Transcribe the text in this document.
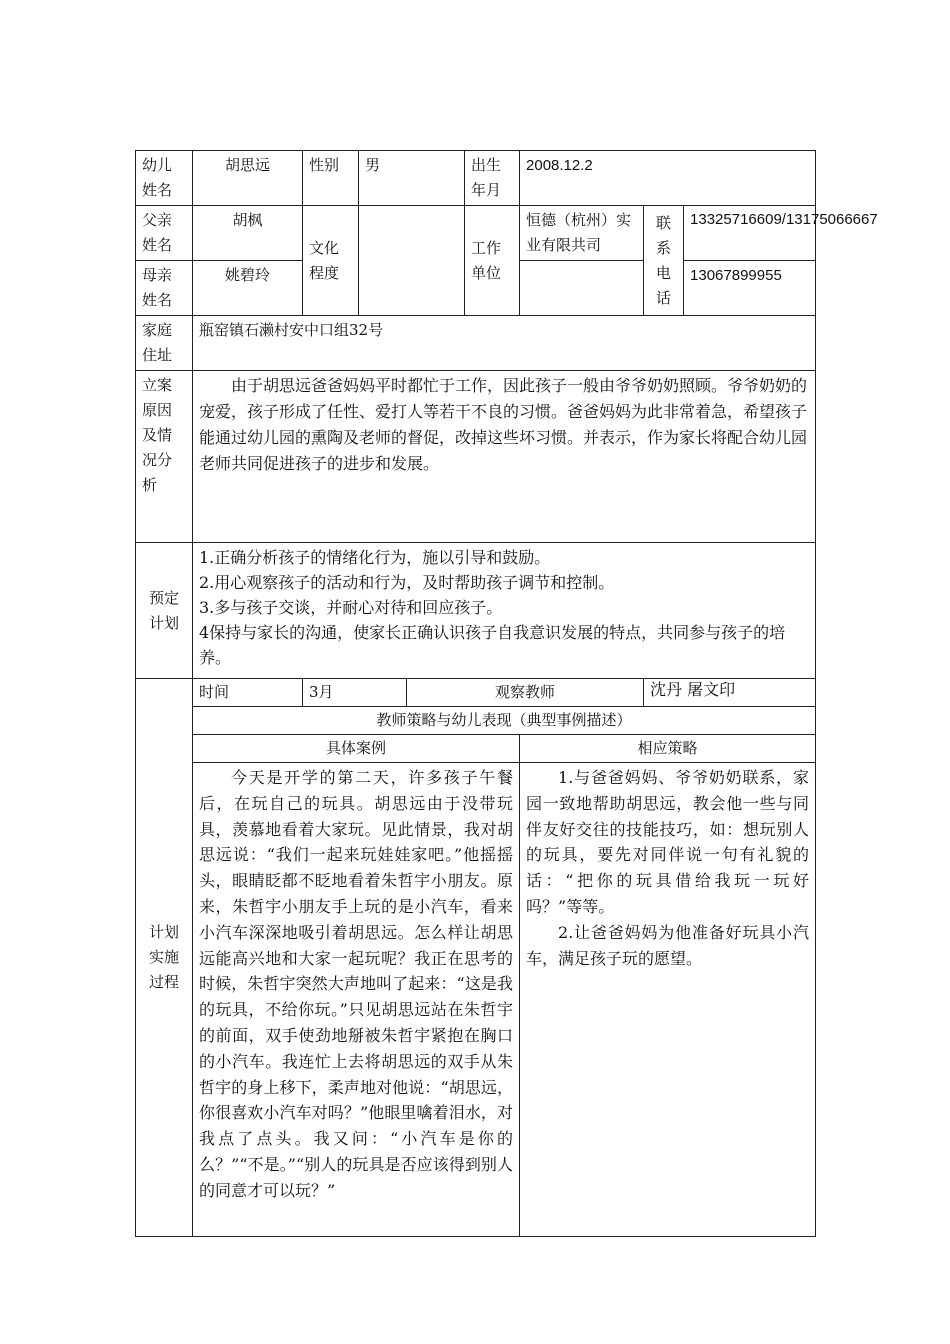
幼儿姓名	胡思远	性别	男		出生年月	2008.12.2		
父亲姓名	胡枫	文化程度			工作单位	恒德（杭州）实业有限共司	联系电话	13325716609/13175066667
母亲姓名	姚碧玲							13067899955
家庭住址	瓶窑镇石濑村安中口组32号							
立案原因及情况分析	由于胡思远爸爸妈妈平时都忙于工作，因此孩子一般由爷爷奶奶照顾。爷爷奶奶的宠爱，孩子形成了任性、爱打人等若干不良的习惯。爸爸妈妈为此非常着急，希望孩子能通过幼儿园的熏陶及老师的督促，改掉这些坏习惯。并表示，作为家长将配合幼儿园老师共同促进孩子的进步和发展。							

预定计划	1.正确分析孩子的情绪化行为，施以引导和鼓励。

2.用心观察孩子的活动和行为，及时帮助孩子调节和控制。

3.多与孩子交谈，并耐心对待和回应孩子。

4保持与家长的沟通，使家长正确认识孩子自我意识发展的特点，共同参与孩子的培养。							

计划实施过程	时间	3月		观察教师			沈丹 屠文印	
	教师策略与幼儿表现（典型事例描述）							
	具体案例					相应策略		

	今天是开学的第二天，许多孩子午餐后，在玩自己的玩具。胡思远由于没带玩具，羡慕地看着大家玩。见此情景，我对胡思远说：“我们一起来玩娃娃家吧。”他摇摇头，眼睛眨都不眨地看着朱哲宇小朋友。原来，朱哲宇小朋友手上玩的是小汽车，看来小汽车深深地吸引着胡思远。怎么样让胡思远能高兴地和大家一起玩呢？我正在思考的时候，朱哲宇突然大声地叫了起来：“这是我的玩具，不给你玩。”只见胡思远站在朱哲宇的前面，双手使劲地掰被朱哲宇紧抱在胸口的小汽车。我连忙上去将胡思远的双手从朱哲宇的身上移下，柔声地对他说：“胡思远，你很喜欢小汽车对吗？”他眼里噙着泪水，对我点了点头。我又问：“小汽车是你的么？”“不是。”“别人的玩具是否应该得到别人的同意才可以玩？”					1.与爸爸妈妈、爷爷奶奶联系，家园一致地帮助胡思远，教会他一些与同伴友好交往的技能技巧，如：想玩别人的玩具，要先对同伴说一句有礼貌的话：“把你的玩具借给我玩一玩好吗？”等等。

2.让爸爸妈妈为他准备好玩具小汽车，满足孩子玩的愿望。		
